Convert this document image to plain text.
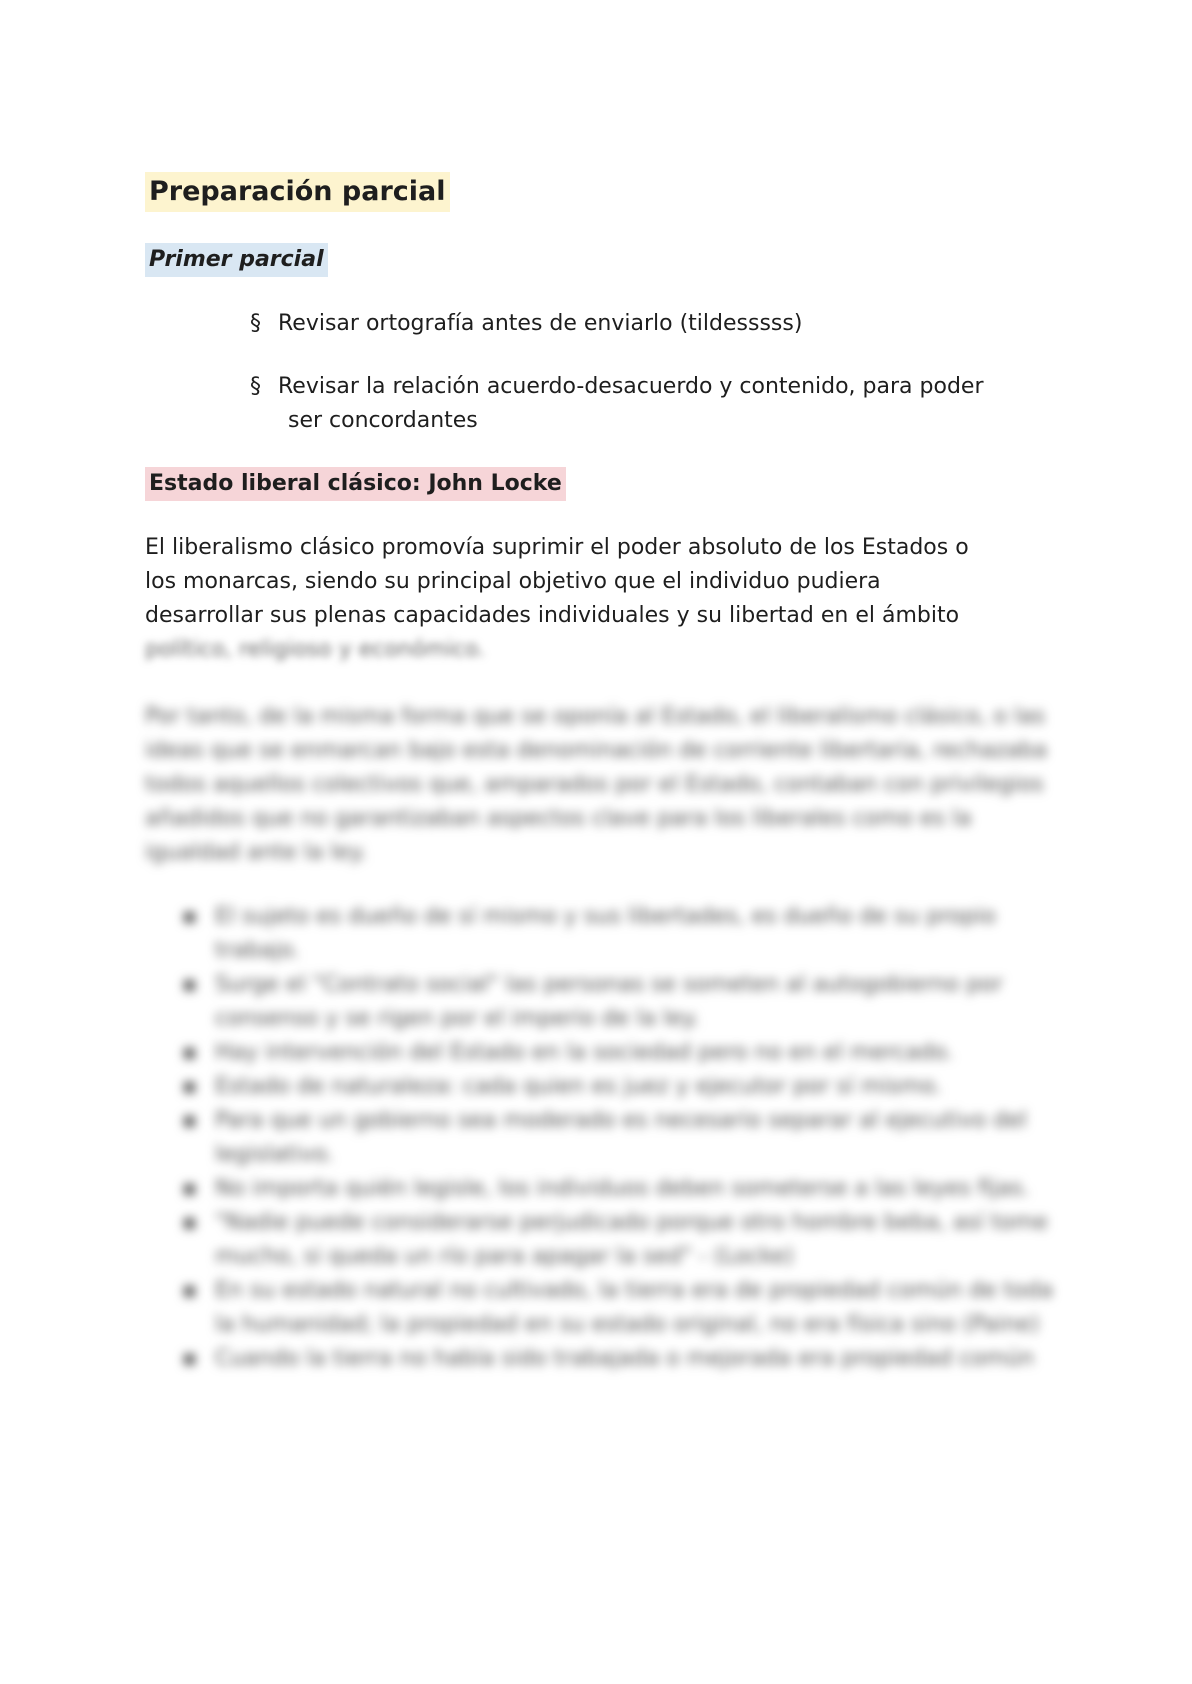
Preparación parcial
Primer parcial
§ Revisar ortografía antes de enviarlo (tildesssss)
§ Revisar la relación acuerdo-desacuerdo y contenido, para poder
ser concordantes
Estado liberal clásico: John Locke

El liberalismo clásico promovía suprimir el poder absoluto de los Estados o
los monarcas, siendo su principal objetivo que el individuo pudiera
desarrollar sus plenas capacidades individuales y su libertad en el ámbito
político, religioso y económico.

Por tanto, de la misma forma que se oponía al Estado, el liberalismo clásico, o las ideas que se enmarcan bajo esta denominación de corriente libertaria, rechazaba todos aquellos colectivos que, amparados por el Estado, contaban con privilegios añadidos que no garantizaban aspectos clave para los liberales como es la igualdad ante la ley.

▪ El sujeto es dueño de sí mismo y sus libertades, es dueño de su propio trabajo.
▪ Surge el "Contrato social" las personas se someten al autogobierno por consenso y se rigen por el imperio de la ley.
▪ Hay intervención del Estado en la sociedad pero no en el mercado.
▪ Estado de naturaleza: cada quien es juez y ejecutor por sí mismo.
▪ Para que un gobierno sea moderado es necesario separar al ejecutivo del legislativo.
▪ No importa quién legisle, los individuos deben someterse a las leyes fijas.
▪ "Nadie puede considerarse perjudicado porque otro hombre beba, así tome mucho, si queda un río para apagar la sed" - (Locke)
▪ En su estado natural no cultivado, la tierra era de propiedad común de toda la humanidad; la propiedad en su estado original, no era física sino (Paine)
▪ Cuando la tierra no había sido trabajada o mejorada era propiedad común
